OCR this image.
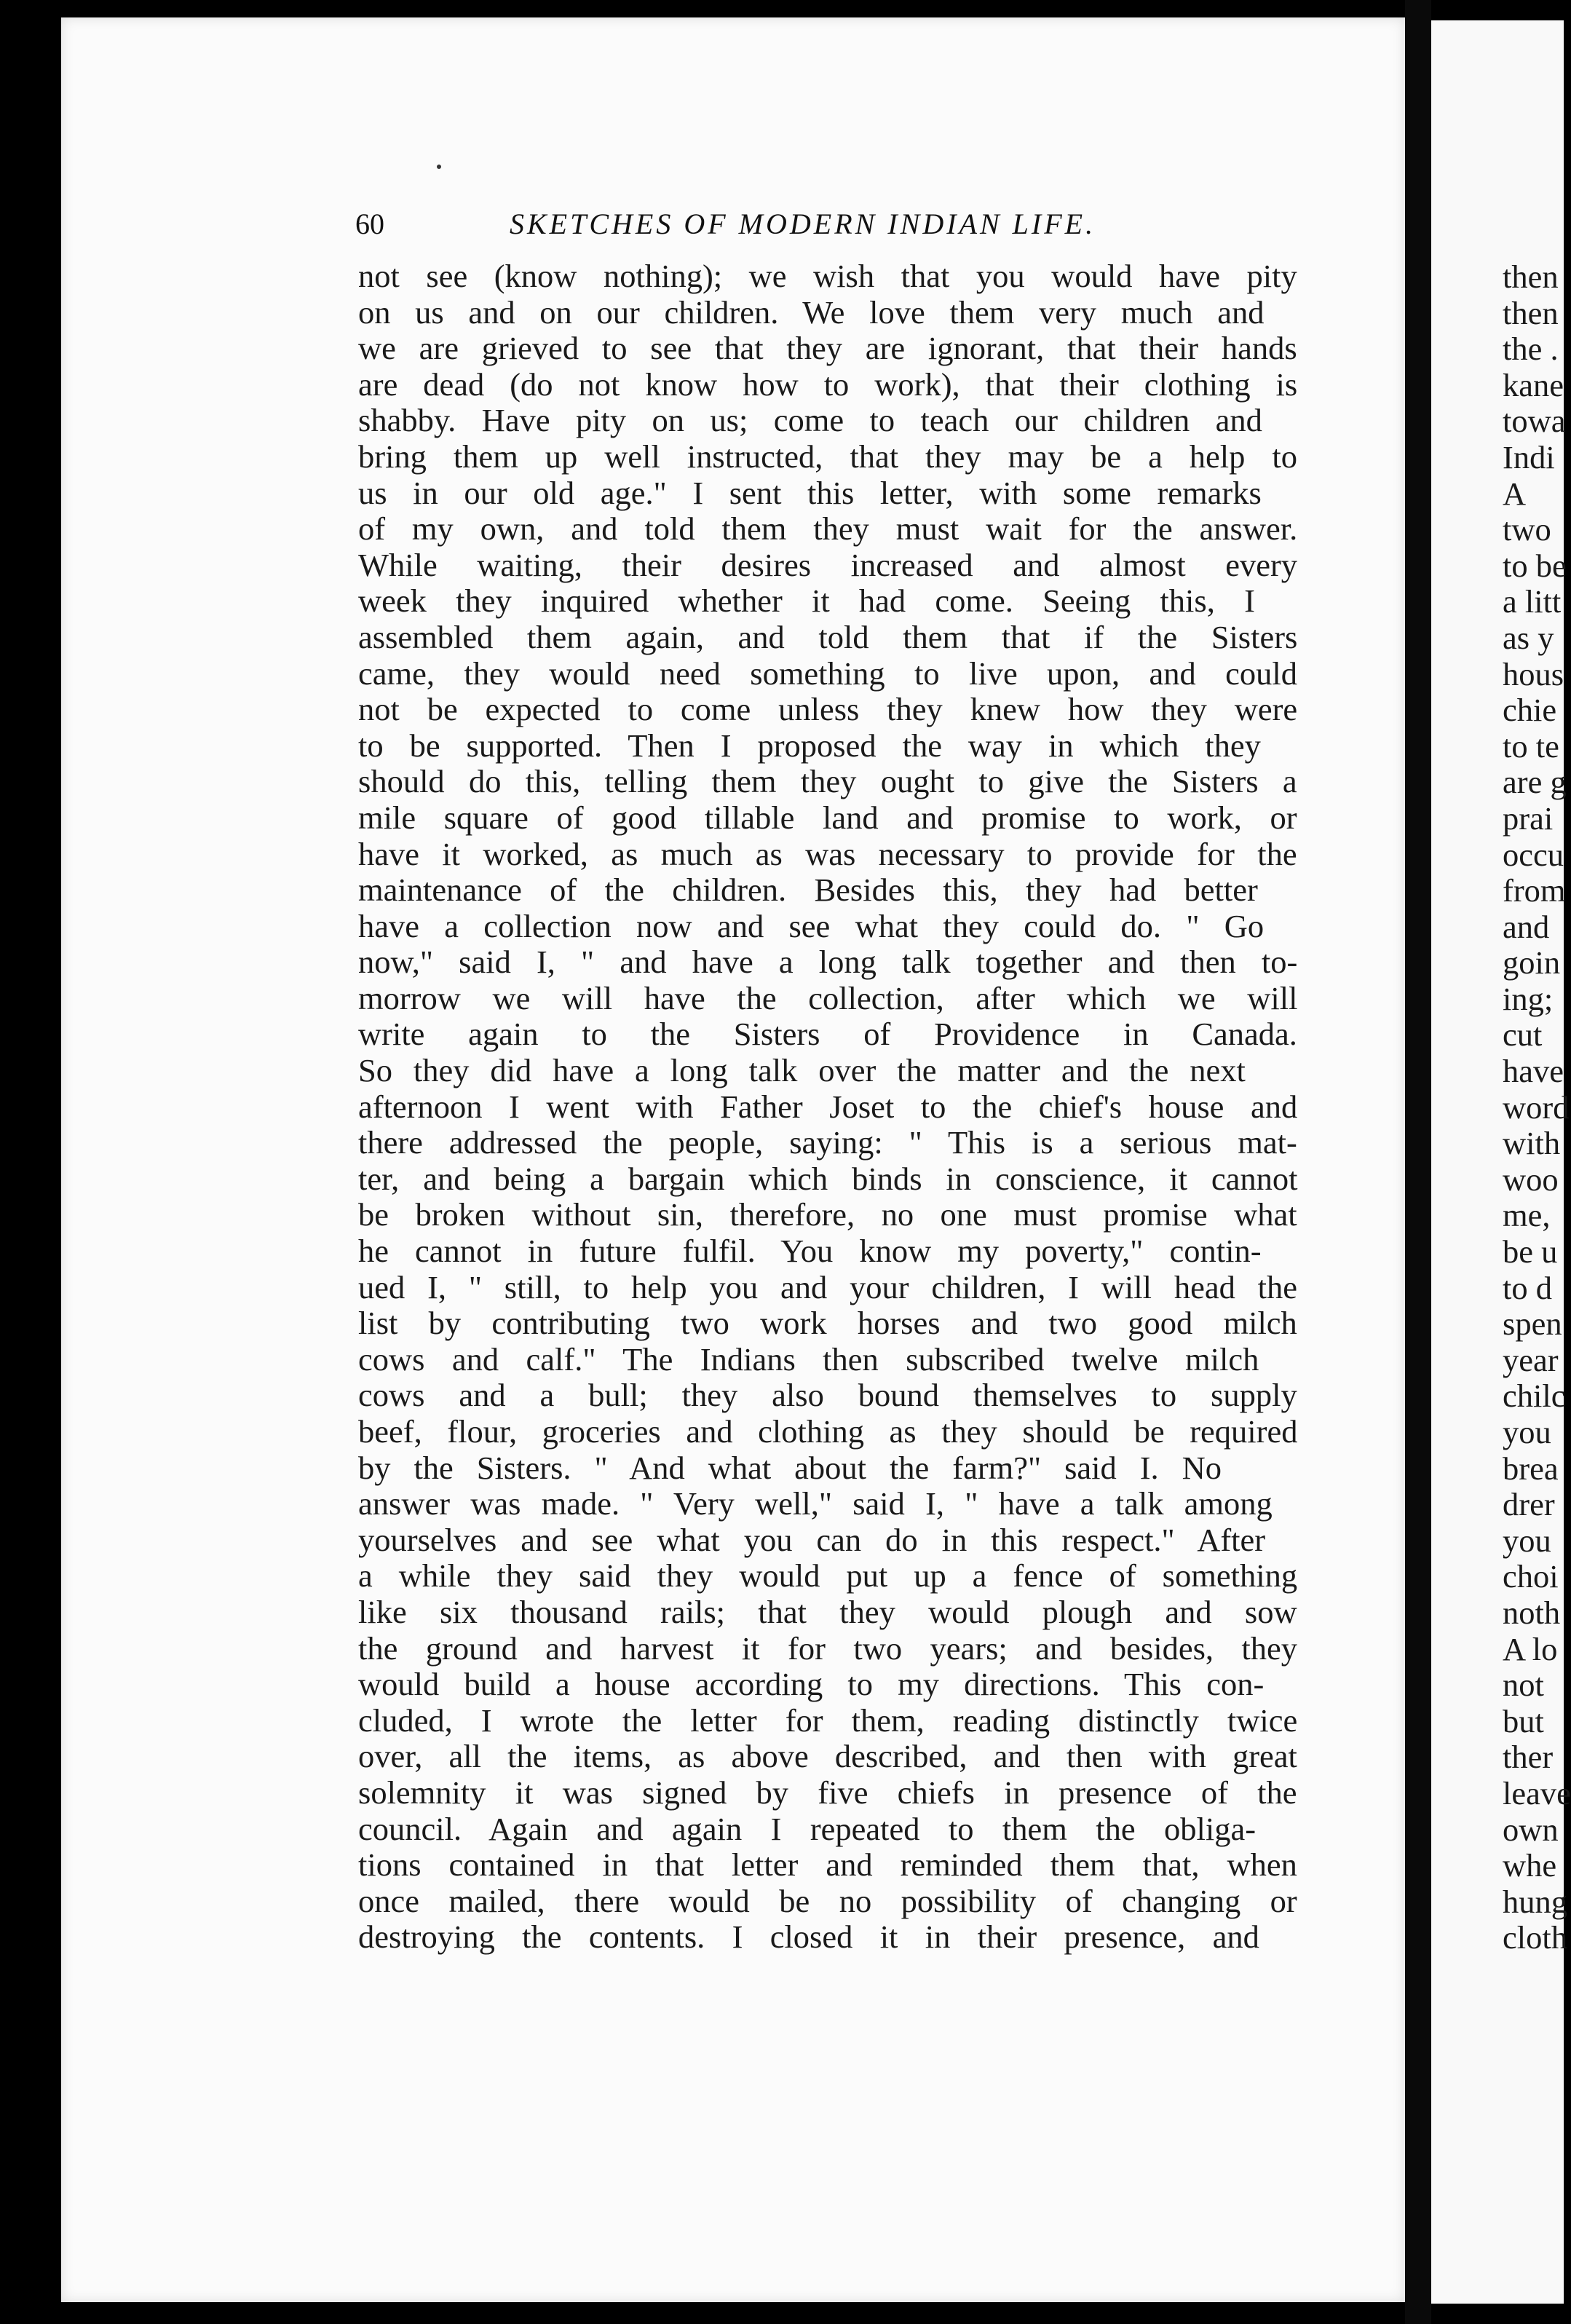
then
then
the .
kane
towa
Indi
A
two
to be
a litt
as y
hous
chie
to te
are g
prai
occu
from
and
goin
ing;
cut
have
word
with
woo
me,
be u
to d
spen
year
chilc
you
brea
drer
you
choi
noth
A lo
not
but
ther
leave
own
whe
hung
cloth
60	SKETCHES OF MODERN INDIAN LIFE.
not see (know nothing); we wish that you would have pity
on us and on our children. We love them very much and
we are grieved to see that they are ignorant, that their hands
are dead (do not know how to work), that their clothing is
shabby. Have pity on us; come to teach our children and
bring them up well instructed, that they may be a help to
us in our old age." I sent this letter, with some remarks
of my own, and told them they must wait for the answer.
While waiting, their desires increased and almost every
week they inquired whether it had come. Seeing this, I
assembled them again, and told them that if the Sisters
came, they would need something to live upon, and could
not be expected to come unless they knew how they were
to be supported. Then I proposed the way in which they
should do this, telling them they ought to give the Sisters a
mile square of good tillable land and promise to work, or
have it worked, as much as was necessary to provide for the
maintenance of the children. Besides this, they had better
have a collection now and see what they could do. " Go
now," said I, " and have a long talk together and then to-
morrow we will have the collection, after which we will
write again to the Sisters of Providence in Canada.
So they did have a long talk over the matter and the next
afternoon I went with Father Joset to the chief's house and
there addressed the people, saying: " This is a serious mat-
ter, and being a bargain which binds in conscience, it cannot
be broken without sin, therefore, no one must promise what
he cannot in future fulfil. You know my poverty," contin-
ued I, " still, to help you and your children, I will head the
list by contributing two work horses and two good milch
cows and calf." The Indians then subscribed twelve milch
cows and a bull; they also bound themselves to supply
beef, flour, groceries and clothing as they should be required
by the Sisters. " And what about the farm?" said I. No
answer was made. " Very well," said I, " have a talk among
yourselves and see what you can do in this respect." After
a while they said they would put up a fence of something
like six thousand rails; that they would plough and sow
the ground and harvest it for two years; and besides, they
would build a house according to my directions. This con-
cluded, I wrote the letter for them, reading distinctly twice
over, all the items, as above described, and then with great
solemnity it was signed by five chiefs in presence of the
council. Again and again I repeated to them the obliga-
tions contained in that letter and reminded them that, when
once mailed, there would be no possibility of changing or
destroying the contents. I closed it in their presence, and
